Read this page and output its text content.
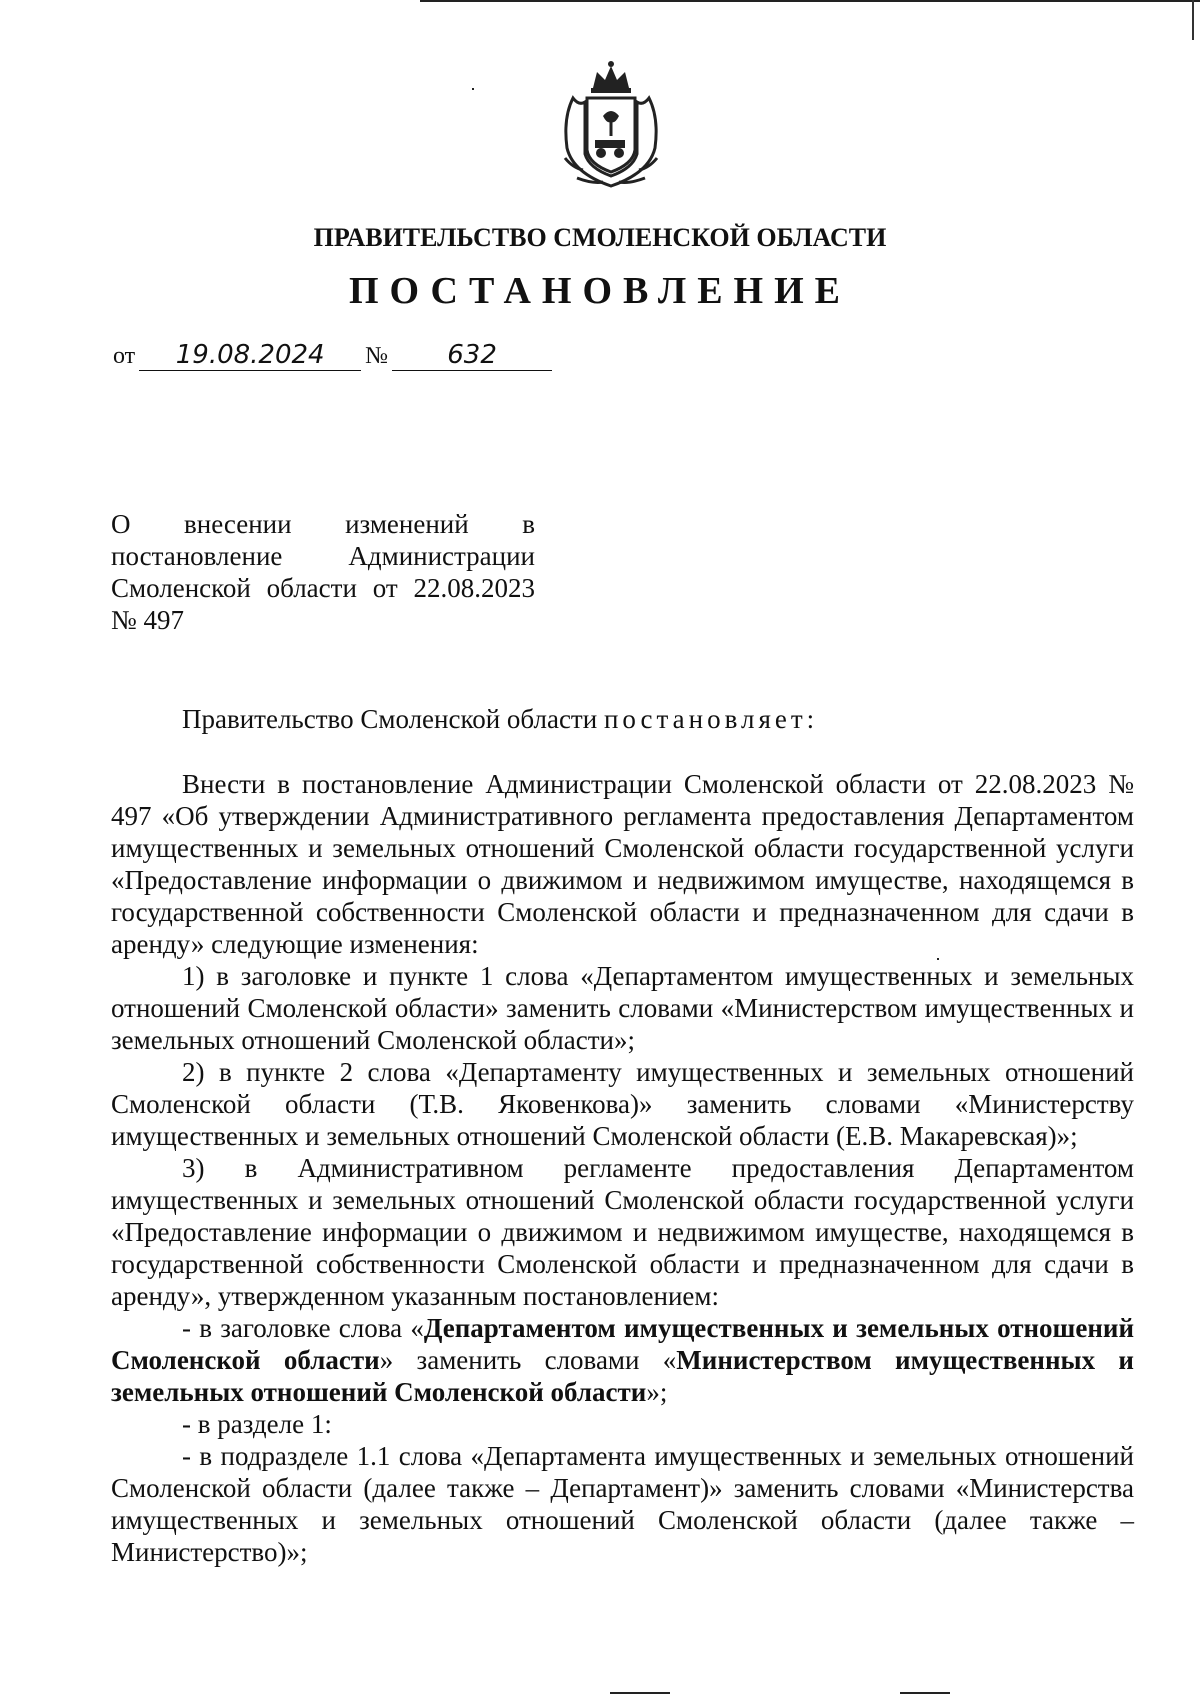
ПРАВИТЕЛЬСТВО СМОЛЕНСКОЙ ОБЛАСТИ
ПОСТАНОВЛЕНИЕ
от 19.08.2024 № 632
О внесении изменений в
постановление Администрации
Смоленской области от 22.08.2023
№ 497
Правительство Смоленской области постановляет:

Внести в постановление Администрации Смоленской области от 22.08.2023 № 497 «Об утверждении Административного регламента предоставления Департаментом имущественных и земельных отношений Смоленской области государственной услуги «Предоставление информации о движимом и недвижимом имуществе, находящемся в государственной собственности Смоленской области и предназначенном для сдачи в аренду» следующие изменения:

1) в заголовке и пункте 1 слова «Департаментом имущественных и земельных отношений Смоленской области» заменить словами «Министерством имущественных и земельных отношений Смоленской области»;

2) в пункте 2 слова «Департаменту имущественных и земельных отношений Смоленской области (Т.В. Яковенкова)» заменить словами «Министерству имущественных и земельных отношений Смоленской области (Е.В. Макаревская)»;

3) в Административном регламенте предоставления Департаментом имущественных и земельных отношений Смоленской области государственной услуги «Предоставление информации о движимом и недвижимом имуществе, находящемся в государственной собственности Смоленской области и предназначенном для сдачи в аренду», утвержденном указанным постановлением:

- в заголовке слова «Департаментом имущественных и земельных отношений Смоленской области» заменить словами «Министерством имущественных и земельных отношений Смоленской области»;

- в разделе 1:

- в подразделе 1.1 слова «Департамента имущественных и земельных отношений Смоленской области (далее также – Департамент)» заменить словами «Министерства имущественных и земельных отношений Смоленской области (далее также – Министерство)»;
